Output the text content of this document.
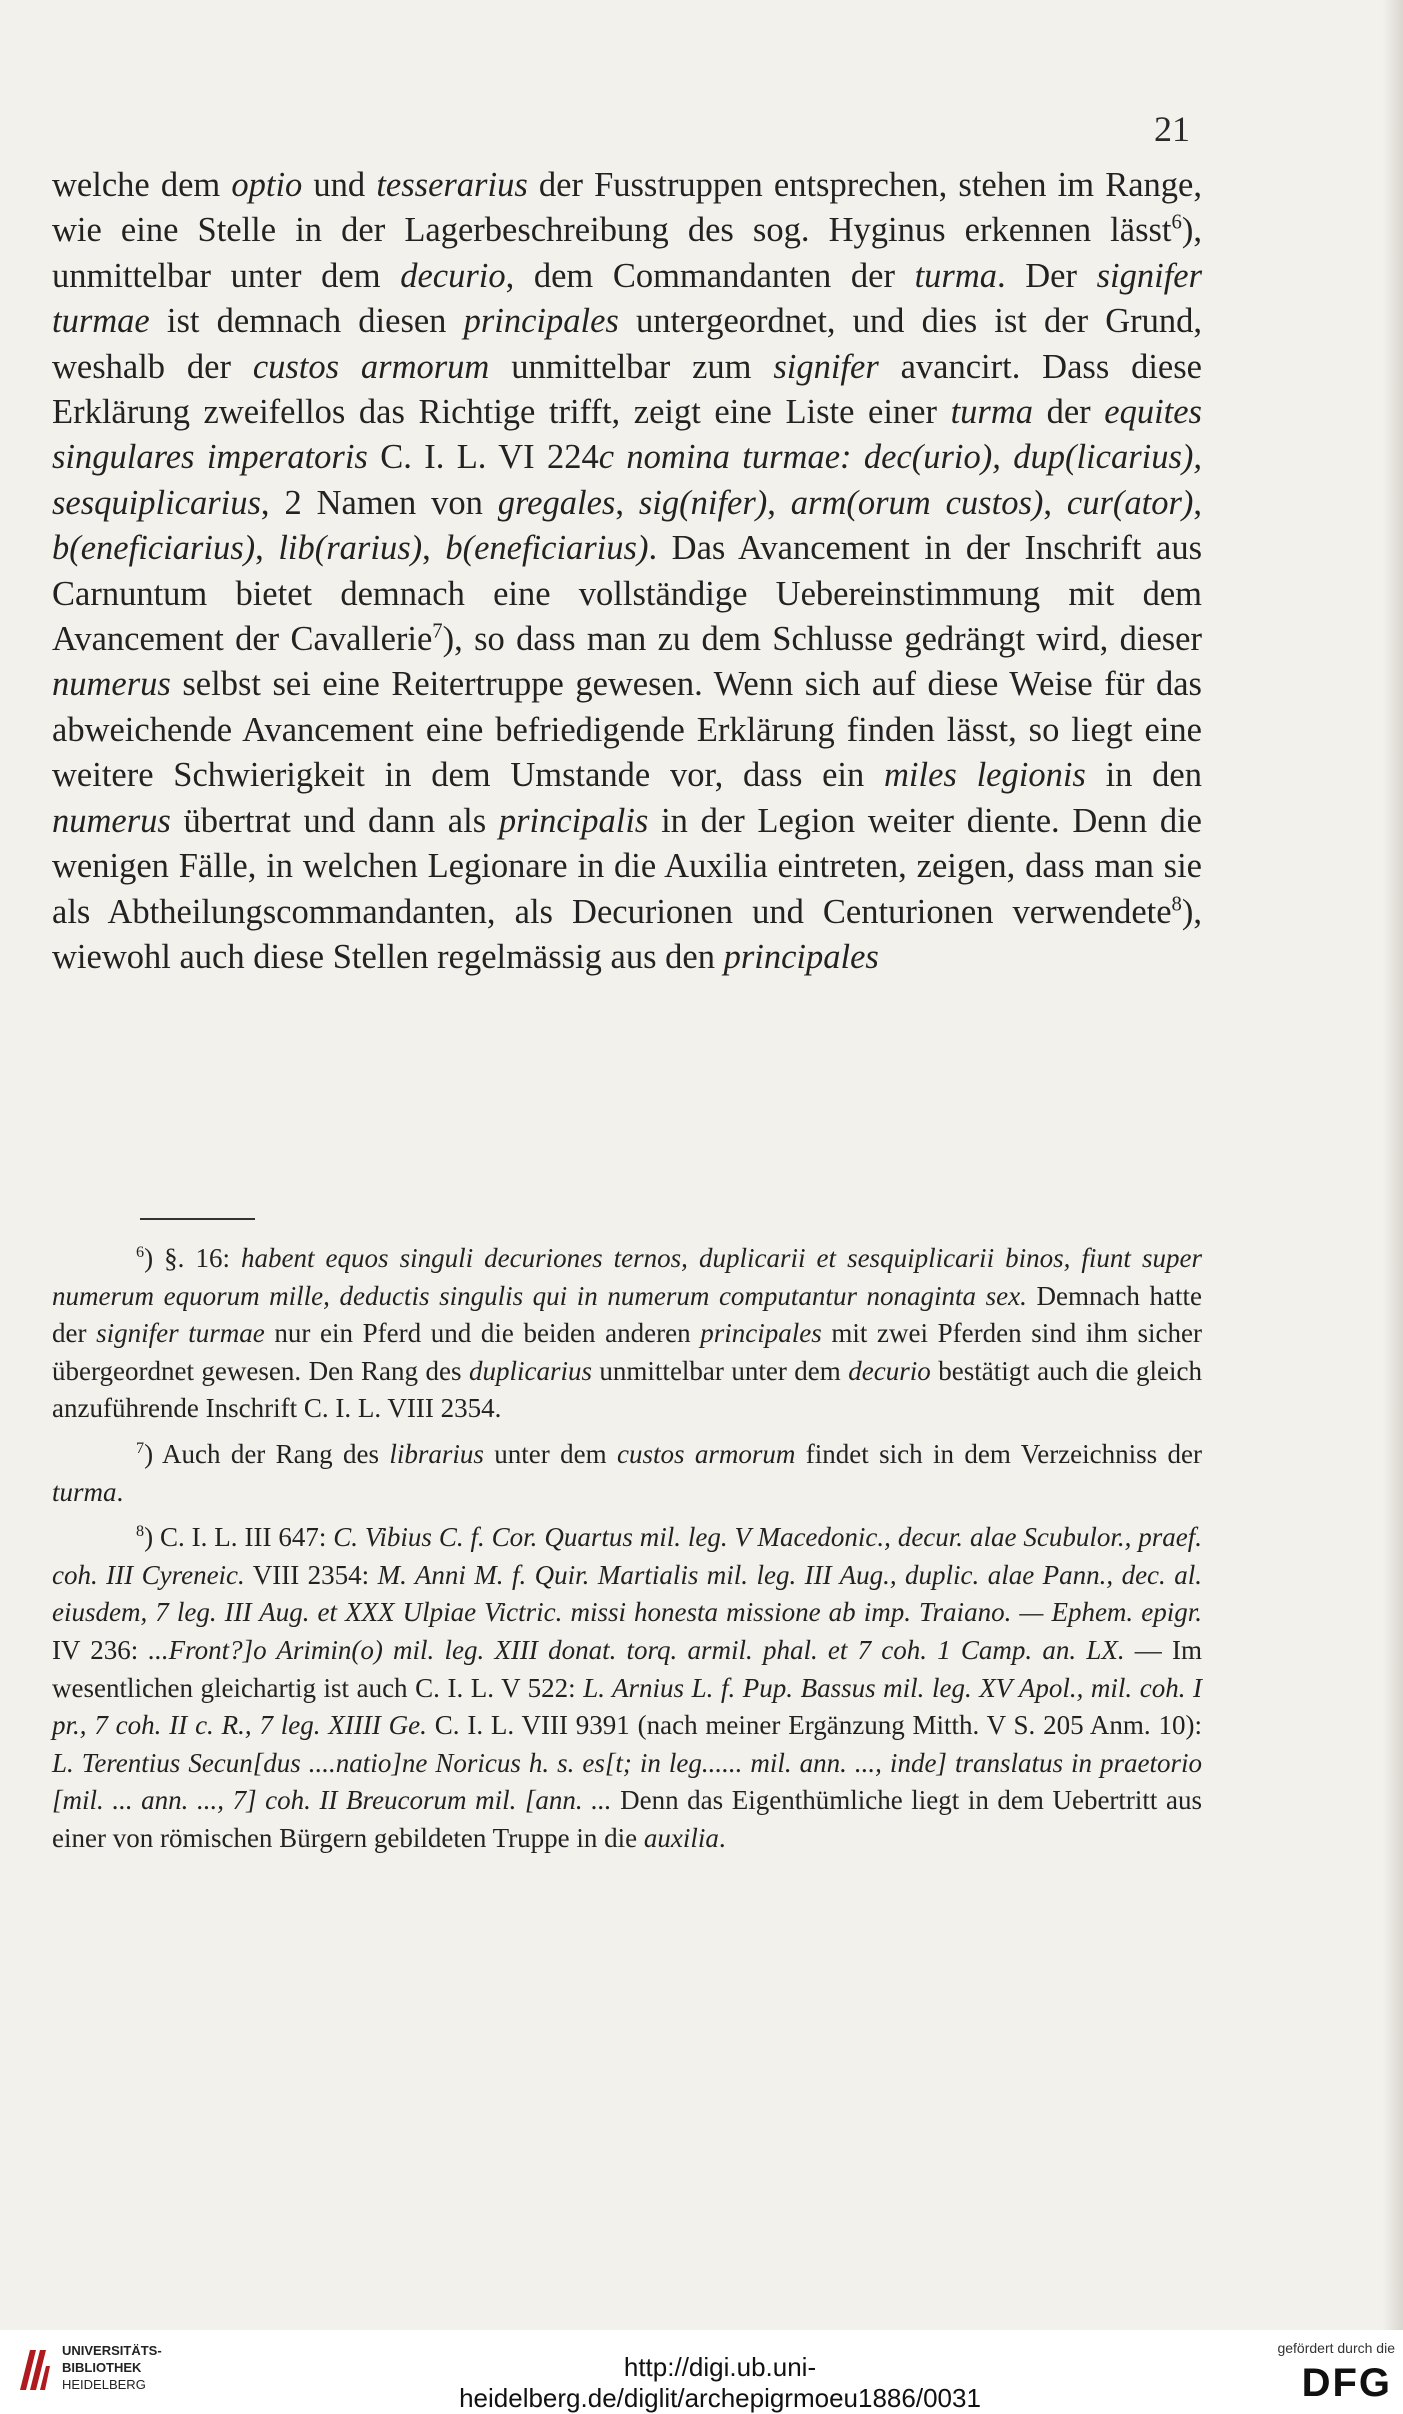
21

welche dem optio und tesserarius der Fusstruppen entsprechen, stehen im Range, wie eine Stelle in der Lagerbeschreibung des sog. Hyginus erkennen lässt$^6$), unmittelbar unter dem decurio, dem Commandanten der turma. Der signifer turmae ist demnach diesen principales untergeordnet, und dies ist der Grund, weshalb der custos armorum unmittelbar zum signifer avancirt. Dass diese Erklärung zweifellos das Richtige trifft, zeigt eine Liste einer turma der equites singulares imperatoris C. I. L. VI 224c nomina turmae: dec(urio), dup(licarius), sesquiplicarius, 2 Namen von gregales, sig(nifer), arm(orum custos), cur(ator), b(eneficiarius), lib(rarius), b(eneficiarius). Das Avancement in der Inschrift aus Carnuntum bietet demnach eine vollständige Uebereinstimmung mit dem Avancement der Cavallerie$^7$), so dass man zu dem Schlusse gedrängt wird, dieser numerus selbst sei eine Reitertruppe gewesen. Wenn sich auf diese Weise für das abweichende Avancement eine befriedigende Erklärung finden lässt, so liegt eine weitere Schwierigkeit in dem Umstande vor, dass ein miles legionis in den numerus übertrat und dann als principalis in der Legion weiter diente. Denn die wenigen Fälle, in welchen Legionare in die Auxilia eintreten, zeigen, dass man sie als Abtheilungscommandanten, als Decurionen und Centurionen verwendete$^8$), wiewohl auch diese Stellen regelmässig aus den principales

$^6$) §. 16: habent equos singuli decuriones ternos, duplicarii et sesquiplicarii binos, fiunt super numerum equorum mille, deductis singulis qui in numerum computantur nonaginta sex. Demnach hatte der signifer turmae nur ein Pferd und die beiden anderen principales mit zwei Pferden sind ihm sicher übergeordnet gewesen. Den Rang des duplicarius unmittelbar unter dem decurio bestätigt auch die gleich anzuführende Inschrift C. I. L. VIII 2354.

$^7$) Auch der Rang des librarius unter dem custos armorum findet sich in dem Verzeichniss der turma.

$^8$) C. I. L. III 647: C. Vibius C. f. Cor. Quartus mil. leg. V Macedonic., decur. alae Scubulor., praef. coh. III Cyreneic. VIII 2354: M. Anni M. f. Quir. Martialis mil. leg. III Aug., duplic. alae Pann., dec. al. eiusdem, 7 leg. III Aug. et XXX Ulpiae Victric. missi honesta missione ab imp. Traiano. — Ephem. epigr. IV 236: ...Front?]o Arimin(o) mil. leg. XIII donat. torq. armil. phal. et 7 coh. 1 Camp. an. LX. — Im wesentlichen gleichartig ist auch C. I. L. V 522: L. Arnius L. f. Pup. Bassus mil. leg. XV Apol., mil. coh. I pr., 7 coh. II c. R., 7 leg. XIIII Ge. C. I. L. VIII 9391 (nach meiner Ergänzung Mitth. V S. 205 Anm. 10): L. Terentius Secun[dus ....natio]ne Noricus h. s. es[t; in leg...... mil. ann. ..., inde] translatus in praetorio [mil. ... ann. ..., 7] coh. II Breucorum mil. [ann. ... Denn das Eigenthümliche liegt in dem Uebertritt aus einer von römischen Bürgern gebildeten Truppe in die auxilia.

UNIVERSITÄTS-
BIBLIOTHEK
HEIDELBERG
http://digi.ub.uni-heidelberg.de/diglit/archepigrmoeu1886/0031
gefördert durch die
DFG
